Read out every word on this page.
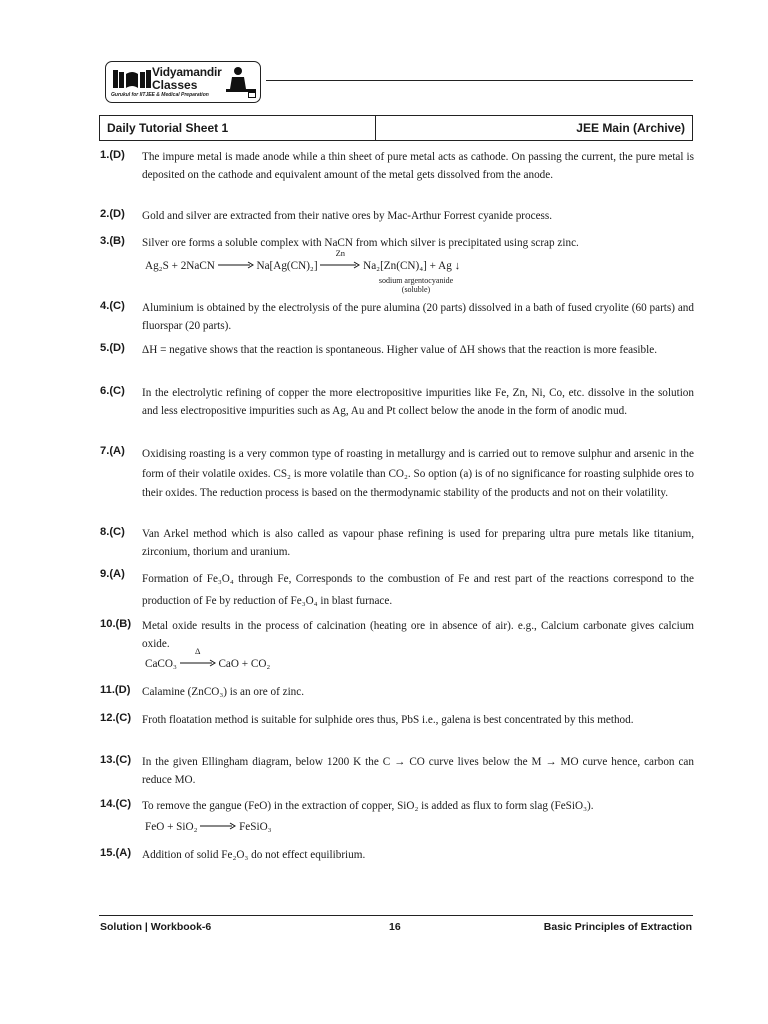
Vidyamandir
Classes
Gurukul for IITJEE & Medical Preparation
Daily Tutorial Sheet 1	JEE Main (Archive)
1.(D) The impure metal is made anode while a thin sheet of pure metal acts as cathode. On passing the current, the pure metal is deposited on the cathode and equivalent amount of the metal gets dissolved from the anode.
2.(D) Gold and silver are extracted from their native ores by Mac-Arthur Forrest cyanide process.
3.(B) Silver ore forms a soluble complex with NaCN from which silver is precipitated using scrap zinc.
Ag₂S + 2NaCN → Na[Ag(CN)₂]
Zn
Na₂[Zn(CN)₄] + Ag ↓
sodium argentocyanide
(soluble)
4.(C) Aluminium is obtained by the electrolysis of the pure alumina (20 parts) dissolved in a bath of fused cryolite (60 parts) and fluorspar (20 parts).
5.(D) ΔH = negative shows that the reaction is spontaneous. Higher value of ΔH shows that the reaction is more feasible.
6.(C) In the electrolytic refining of copper the more electropositive impurities like Fe, Zn, Ni, Co, etc. dissolve in the solution and less electropositive impurities such as Ag, Au and Pt collect below the anode in the form of anodic mud.
7.(A) Oxidising roasting is a very common type of roasting in metallurgy and is carried out to remove sulphur and arsenic in the form of their volatile oxides. CS₂ is more volatile than CO₂. So option (a) is of no significance for roasting sulphide ores to their oxides. The reduction process is based on the thermodynamic stability of the products and not on their volatility.
8.(C) Van Arkel method which is also called as vapour phase refining is used for preparing ultra pure metals like titanium, zirconium, thorium and uranium.
9.(A) Formation of Fe₃O₄ through Fe, Corresponds to the combustion of Fe and rest part of the reactions correspond to the production of Fe by reduction of Fe₃O₄ in blast furnace.
10.(B) Metal oxide results in the process of calcination (heating ore in absence of air). e.g., Calcium carbonate gives calcium oxide.
CaCO₃
Δ
CaO + CO₂
11.(D) Calamine (ZnCO₃) is an ore of zinc.
12.(C) Froth floatation method is suitable for sulphide ores thus, PbS i.e., galena is best concentrated by this method.
13.(C) In the given Ellingham diagram, below 1200 K the C → CO curve lives below the M → MO curve hence, carbon can reduce MO.
14.(C) To remove the gangue (FeO) in the extraction of copper, SiO₂ is added as flux to form slag (FeSiO₃).
FeO + SiO₂ → FeSiO₃
15.(A) Addition of solid Fe₂O₃ do not effect equilibrium.
Solution | Workbook-6	16	Basic Principles of Extraction
